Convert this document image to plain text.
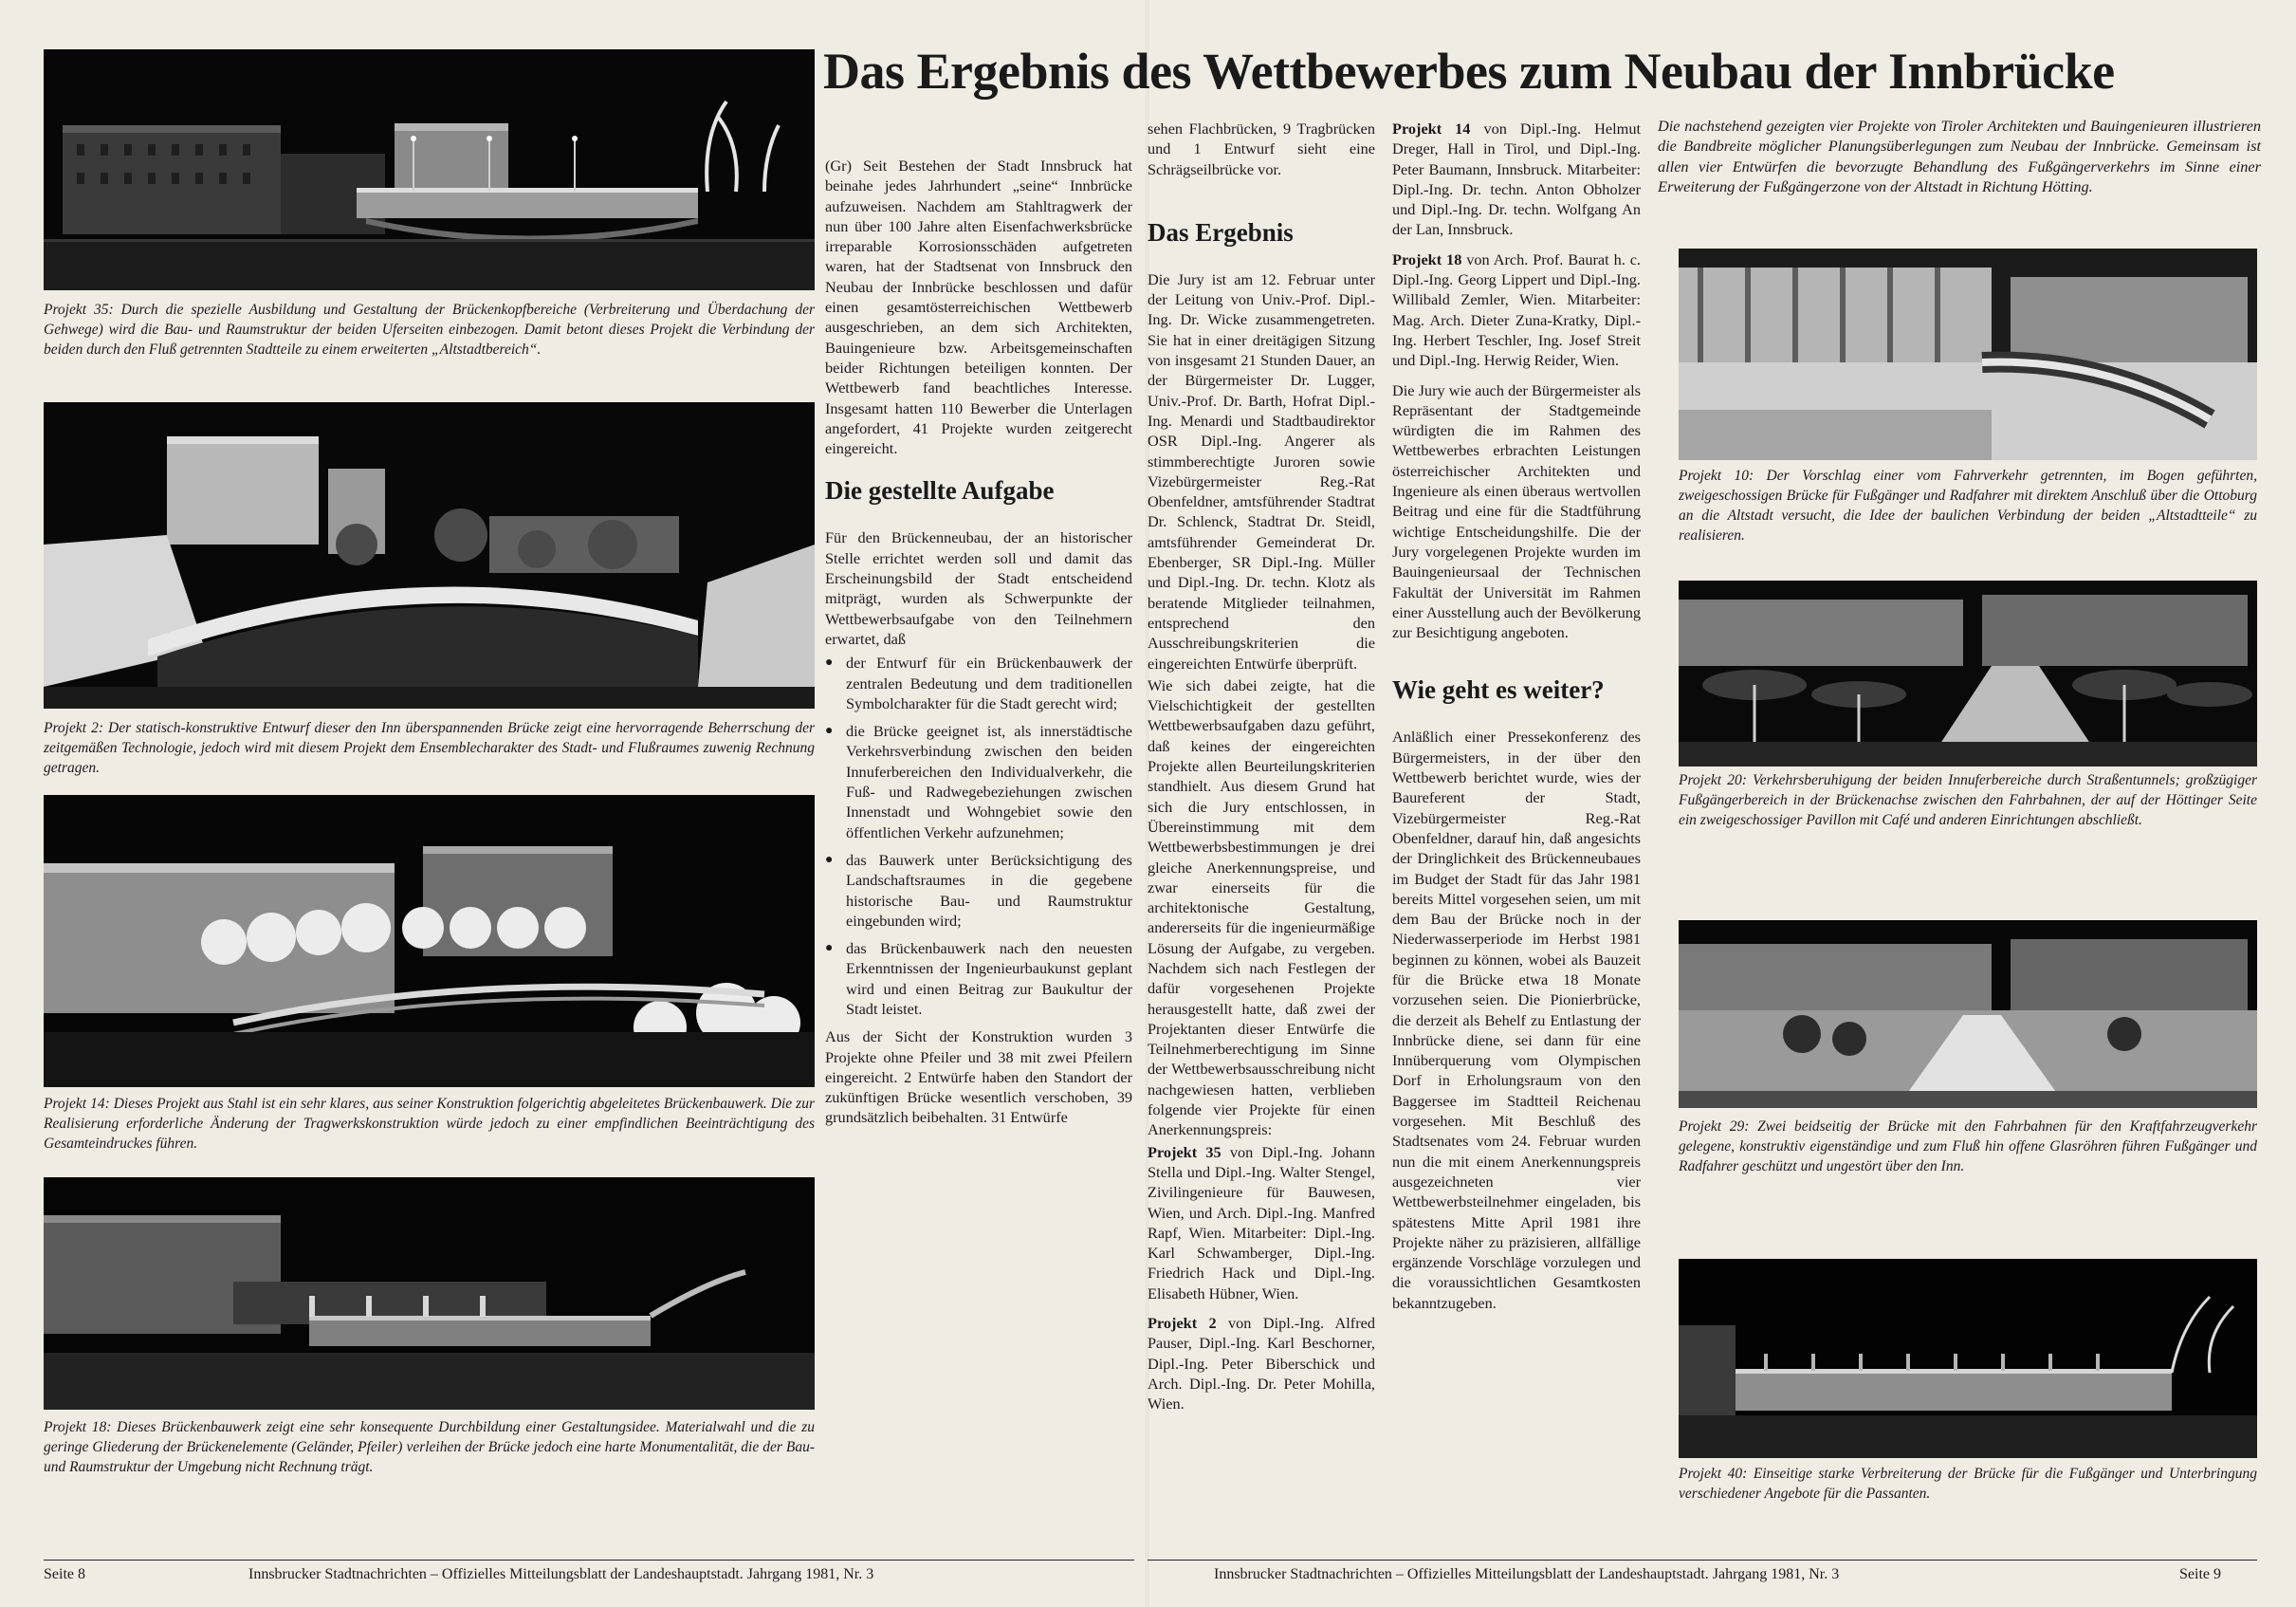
Projekt 35: Durch die spezielle Ausbildung und Gestaltung der Brückenkopfbereiche (Verbreiterung und Überdachung der Gehwege) wird die Bau- und Raumstruktur der beiden Uferseiten einbezogen. Damit betont dieses Projekt die Verbindung der beiden durch den Fluß getrennten Stadtteile zu einem erweiterten „Altstadtbereich“.

Projekt 2: Der statisch-konstruktive Entwurf dieser den Inn überspannenden Brücke zeigt eine hervorragende Beherrschung der zeitgemäßen Technologie, jedoch wird mit diesem Projekt dem Ensemblecharakter des Stadt- und Flußraumes zuwenig Rechnung getragen.

Projekt 14: Dieses Projekt aus Stahl ist ein sehr klares, aus seiner Konstruktion folgerichtig abgeleitetes Brückenbauwerk. Die zur Realisierung erforderliche Änderung der Tragwerkskonstruktion würde jedoch zu einer empfindlichen Beeinträchtigung des Gesamteindruckes führen.

Projekt 18: Dieses Brückenbauwerk zeigt eine sehr konsequente Durchbildung einer Gestaltungsidee. Materialwahl und die zu geringe Gliederung der Brückenelemente (Geländer, Pfeiler) verleihen der Brücke jedoch eine harte Monumentalität, die der Bau- und Raumstruktur der Umgebung nicht Rechnung trägt.

(Gr) Seit Bestehen der Stadt Innsbruck hat beinahe jedes Jahrhundert „seine“ Innbrücke aufzuweisen. Nachdem am Stahltragwerk der nun über 100 Jahre alten Eisenfachwerksbrücke irreparable Korrosionsschäden aufgetreten waren, hat der Stadtsenat von Innsbruck den Neubau der Innbrücke beschlossen und dafür einen gesamtösterreichischen Wettbewerb ausgeschrieben, an dem sich Architekten, Bauingenieure bzw. Arbeitsgemeinschaften beider Richtungen beteiligen konnten. Der Wettbewerb fand beachtliches Interesse. Insgesamt hatten 110 Bewerber die Unterlagen angefordert, 41 Projekte wurden zeitgerecht eingereicht.

Die gestellte Aufgabe

Für den Brückenneubau, der an historischer Stelle errichtet werden soll und damit das Erscheinungsbild der Stadt entscheidend mitprägt, wurden als Schwerpunkte der Wettbewerbsaufgabe von den Teilnehmern erwartet, daß

● der Entwurf für ein Brückenbauwerk der zentralen Bedeutung und dem traditionellen Symbolcharakter für die Stadt gerecht wird;
● die Brücke geeignet ist, als innerstädtische Verkehrsverbindung zwischen den beiden Innuferbereichen den Individualverkehr, die Fuß- und Radwegebeziehungen zwischen Innenstadt und Wohngebiet sowie den öffentlichen Verkehr aufzunehmen;
● das Bauwerk unter Berücksichtigung des Landschaftsraumes in die gegebene historische Bau- und Raumstruktur eingebunden wird;
● das Brückenbauwerk nach den neuesten Erkenntnissen der Ingenieurbaukunst geplant wird und einen Beitrag zur Baukultur der Stadt leistet.

Aus der Sicht der Konstruktion wurden 3 Projekte ohne Pfeiler und 38 mit zwei Pfeilern eingereicht. 2 Entwürfe haben den Standort der zukünftigen Brücke wesentlich verschoben, 39 grundsätzlich beibehalten. 31 Entwürfe

Seite 8	Innsbrucker Stadtnachrichten – Offizielles Mitteilungsblatt der Landeshauptstadt. Jahrgang 1981, Nr. 3
Das Ergebnis des Wettbewerbes zum Neubau der Innbrücke

sehen Flachbrücken, 9 Tragbrücken und 1 Entwurf sieht eine Schrägseilbrücke vor.

Das Ergebnis

Die Jury ist am 12. Februar unter der Leitung von Univ.-Prof. Dipl.-Ing. Dr. Wicke zusammengetreten. Sie hat in einer dreitägigen Sitzung von insgesamt 21 Stunden Dauer, an der Bürgermeister Dr. Lugger, Univ.-Prof. Dr. Barth, Hofrat Dipl.-Ing. Menardi und Stadtbaudirektor OSR Dipl.-Ing. Angerer als stimmberechtigte Juroren sowie Vizebürgermeister Reg.-Rat Obenfeldner, amtsführender Stadtrat Dr. Schlenck, Stadtrat Dr. Steidl, amtsführender Gemeinderat Dr. Ebenberger, SR Dipl.-Ing. Müller und Dipl.-Ing. Dr. techn. Klotz als beratende Mitglieder teilnahmen, entsprechend den Ausschreibungskriterien die eingereichten Entwürfe überprüft.

Wie sich dabei zeigte, hat die Vielschichtigkeit der gestellten Wettbewerbsaufgaben dazu geführt, daß keines der eingereichten Projekte allen Beurteilungskriterien standhielt. Aus diesem Grund hat sich die Jury entschlossen, in Übereinstimmung mit dem Wettbewerbsbestimmungen je drei gleiche Anerkennungspreise, und zwar einerseits für die architektonische Gestaltung, andererseits für die ingenieurmäßige Lösung der Aufgabe, zu vergeben. Nachdem sich nach Festlegen der dafür vorgesehenen Projekte herausgestellt hatte, daß zwei der Projektanten dieser Entwürfe die Teilnehmerberechtigung im Sinne der Wettbewerbsausschreibung nicht nachgewiesen hatten, verblieben folgende vier Projekte für einen Anerkennungspreis:

Projekt 35 von Dipl.-Ing. Johann Stella und Dipl.-Ing. Walter Stengel, Zivilingenieure für Bauwesen, Wien, und Arch. Dipl.-Ing. Manfred Rapf, Wien. Mitarbeiter: Dipl.-Ing. Karl Schwamberger, Dipl.-Ing. Friedrich Hack und Dipl.-Ing. Elisabeth Hübner, Wien.

Projekt 2 von Dipl.-Ing. Alfred Pauser, Dipl.-Ing. Karl Beschorner, Dipl.-Ing. Peter Biberschick und Arch. Dipl.-Ing. Dr. Peter Mohilla, Wien.

Projekt 14 von Dipl.-Ing. Helmut Dreger, Hall in Tirol, und Dipl.-Ing. Peter Baumann, Innsbruck. Mitarbeiter: Dipl.-Ing. Dr. techn. Anton Obholzer und Dipl.-Ing. Dr. techn. Wolfgang An der Lan, Innsbruck.

Projekt 18 von Arch. Prof. Baurat h. c. Dipl.-Ing. Georg Lippert und Dipl.-Ing. Willibald Zemler, Wien. Mitarbeiter: Mag. Arch. Dieter Zuna-Kratky, Dipl.-Ing. Herbert Teschler, Ing. Josef Streit und Dipl.-Ing. Herwig Reider, Wien.

Die Jury wie auch der Bürgermeister als Repräsentant der Stadtgemeinde würdigten die im Rahmen des Wettbewerbes erbrachten Leistungen österreichischer Architekten und Ingenieure als einen überaus wertvollen Beitrag und eine für die Stadtführung wichtige Entscheidungshilfe. Die der Jury vorgelegenen Projekte wurden im Bauingenieursaal der Technischen Fakultät der Universität im Rahmen einer Ausstellung auch der Bevölkerung zur Besichtigung angeboten.

Wie geht es weiter?

Anläßlich einer Pressekonferenz des Bürgermeisters, in der über den Wettbewerb berichtet wurde, wies der Baureferent der Stadt, Vizebürgermeister Reg.-Rat Obenfeldner, darauf hin, daß angesichts der Dringlichkeit des Brückenneubaues im Budget der Stadt für das Jahr 1981 bereits Mittel vorgesehen seien, um mit dem Bau der Brücke noch in der Niederwasserperiode im Herbst 1981 beginnen zu können, wobei als Bauzeit für die Brücke etwa 18 Monate vorzusehen seien. Die Pionierbrücke, die derzeit als Behelf zu Entlastung der Innbrücke diene, sei dann für eine Innüberquerung vom Olympischen Dorf in Erholungsraum von den Baggersee im Stadtteil Reichenau vorgesehen. Mit Beschluß des Stadtsenates vom 24. Februar wurden nun die mit einem Anerkennungspreis ausgezeichneten vier Wettbewerbsteilnehmer eingeladen, bis spätestens Mitte April 1981 ihre Projekte näher zu präzisieren, allfällige ergänzende Vorschläge vorzulegen und die voraussichtlichen Gesamtkosten bekanntzugeben.

Die nachstehend gezeigten vier Projekte von Tiroler Architekten und Bauingenieuren illustrieren die Bandbreite möglicher Planungsüberlegungen zum Neubau der Innbrücke. Gemeinsam ist allen vier Entwürfen die bevorzugte Behandlung des Fußgängerverkehrs im Sinne einer Erweiterung der Fußgängerzone von der Altstadt in Richtung Hötting.

Projekt 10: Der Vorschlag einer vom Fahrverkehr getrennten, im Bogen geführten, zweigeschossigen Brücke für Fußgänger und Radfahrer mit direktem Anschluß über die Ottoburg an die Altstadt versucht, die Idee der baulichen Verbindung der beiden „Altstadtteile“ zu realisieren.

Projekt 20: Verkehrsberuhigung der beiden Innuferbereiche durch Straßentunnels; großzügiger Fußgängerbereich in der Brückenachse zwischen den Fahrbahnen, der auf der Höttinger Seite ein zweigeschossiger Pavillon mit Café und anderen Einrichtungen abschließt.

Projekt 29: Zwei beidseitig der Brücke mit den Fahrbahnen für den Kraftfahrzeugverkehr gelegene, konstruktiv eigenständige und zum Fluß hin offene Glasröhren führen Fußgänger und Radfahrer geschützt und ungestört über den Inn.

Projekt 40: Einseitige starke Verbreiterung der Brücke für die Fußgänger und Unterbringung verschiedener Angebote für die Passanten.

Innsbrucker Stadtnachrichten – Offizielles Mitteilungsblatt der Landeshauptstadt. Jahrgang 1981, Nr. 3	Seite 9
